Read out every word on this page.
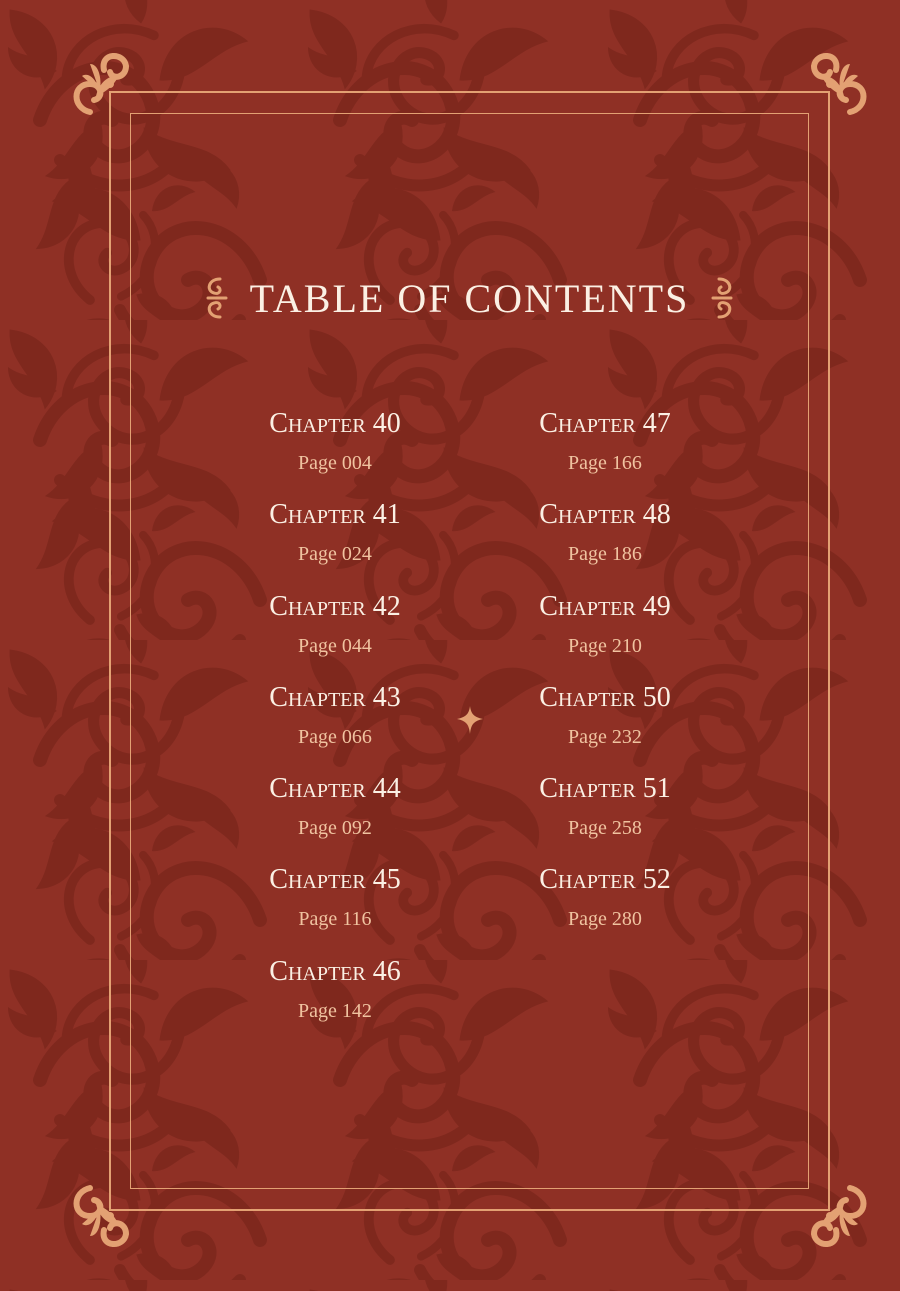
TABLE OF CONTENTS
Chapter 40
Page 004
Chapter 41
Page 024
Chapter 42
Page 044
Chapter 43
Page 066
Chapter 44
Page 092
Chapter 45
Page 116
Chapter 46
Page 142
Chapter 47
Page 166
Chapter 48
Page 186
Chapter 49
Page 210
Chapter 50
Page 232
Chapter 51
Page 258
Chapter 52
Page 280
